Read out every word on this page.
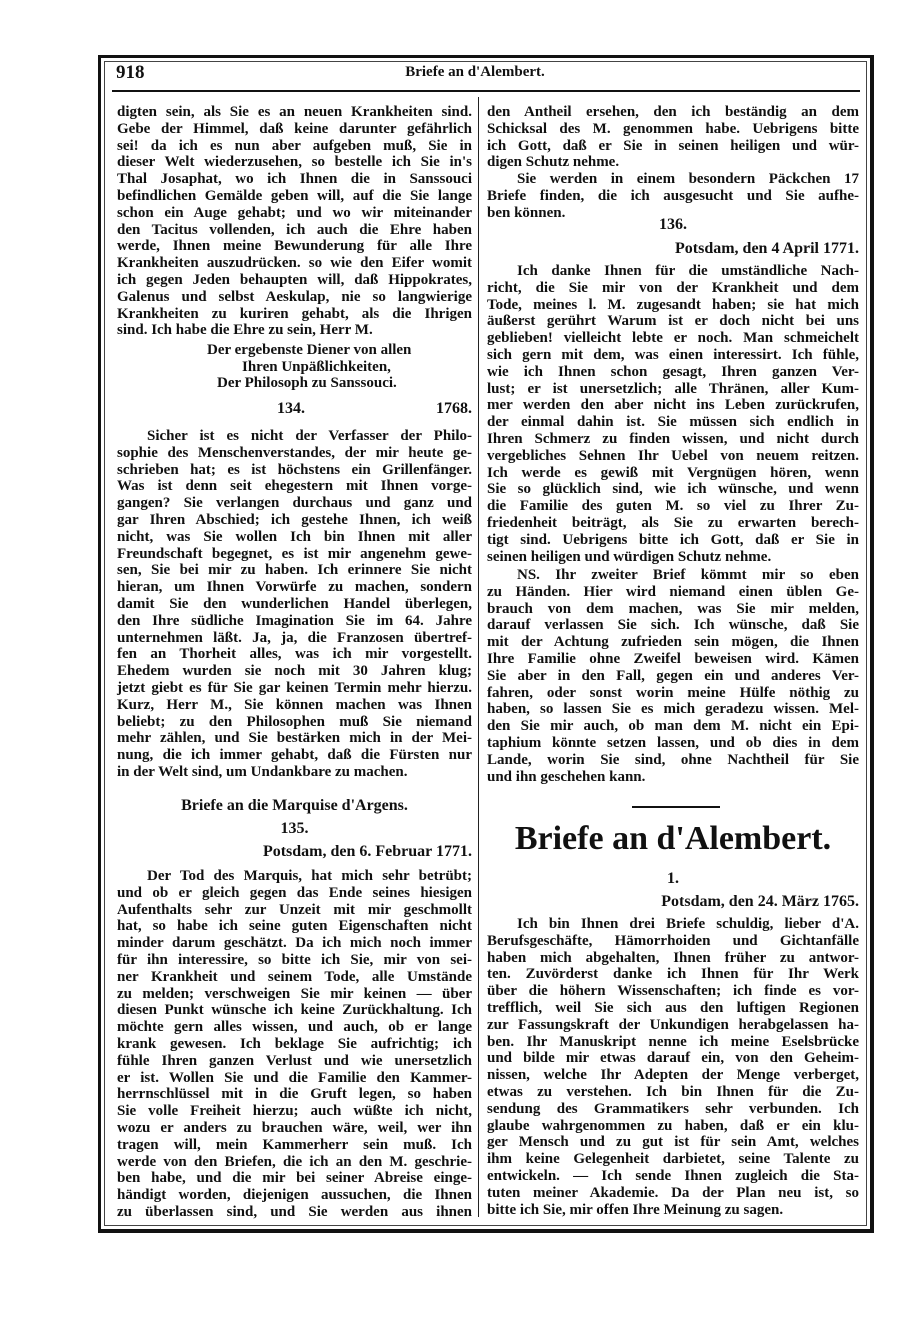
918	Briefe an d'Alembert.
digten sein, als Sie es an neuen Krankheiten sind.
Gebe der Himmel, daß keine darunter gefährlich
sei! da ich es nun aber aufgeben muß, Sie in
dieser Welt wiederzusehen, so bestelle ich Sie in's
Thal Josaphat, wo ich Ihnen die in Sanssouci
befindlichen Gemälde geben will, auf die Sie lange
schon ein Auge gehabt; und wo wir miteinander
den Tacitus vollenden, ich auch die Ehre haben
werde, Ihnen meine Bewunderung für alle Ihre
Krankheiten auszudrücken. so wie den Eifer womit
ich gegen Jeden behaupten will, daß Hippokrates,
Galenus und selbst Aeskulap, nie so langwierige
Krankheiten zu kuriren gehabt, als die Ihrigen
sind. Ich habe die Ehre zu sein, Herr M.
Der ergebenste Diener von allen
Ihren Unpäßlichkeiten,
Der Philosoph zu Sanssouci.
134.	1768.
Sicher ist es nicht der Verfasser der Philo-
sophie des Menschenverstandes, der mir heute ge-
schrieben hat; es ist höchstens ein Grillenfänger.
Was ist denn seit ehegestern mit Ihnen vorge-
gangen? Sie verlangen durchaus und ganz und
gar Ihren Abschied; ich gestehe Ihnen, ich weiß
nicht, was Sie wollen Ich bin Ihnen mit aller
Freundschaft begegnet, es ist mir angenehm gewe-
sen, Sie bei mir zu haben. Ich erinnere Sie nicht
hieran, um Ihnen Vorwürfe zu machen, sondern
damit Sie den wunderlichen Handel überlegen,
den Ihre südliche Imagination Sie im 64. Jahre
unternehmen läßt. Ja, ja, die Franzosen übertref-
fen an Thorheit alles, was ich mir vorgestellt.
Ehedem wurden sie noch mit 30 Jahren klug;
jetzt giebt es für Sie gar keinen Termin mehr hierzu.
Kurz, Herr M., Sie können machen was Ihnen
beliebt; zu den Philosophen muß Sie niemand
mehr zählen, und Sie bestärken mich in der Mei-
nung, die ich immer gehabt, daß die Fürsten nur
in der Welt sind, um Undankbare zu machen.
Briefe an die Marquise d'Argens.
135.
Potsdam, den 6. Februar 1771.
Der Tod des Marquis, hat mich sehr betrübt;
und ob er gleich gegen das Ende seines hiesigen
Aufenthalts sehr zur Unzeit mit mir geschmollt
hat, so habe ich seine guten Eigenschaften nicht
minder darum geschätzt. Da ich mich noch immer
für ihn interessire, so bitte ich Sie, mir von sei-
ner Krankheit und seinem Tode, alle Umstände
zu melden; verschweigen Sie mir keinen — über
diesen Punkt wünsche ich keine Zurückhaltung. Ich
möchte gern alles wissen, und auch, ob er lange
krank gewesen. Ich beklage Sie aufrichtig; ich
fühle Ihren ganzen Verlust und wie unersetzlich
er ist. Wollen Sie und die Familie den Kammer-
herrnschlüssel mit in die Gruft legen, so haben
Sie volle Freiheit hierzu; auch wüßte ich nicht,
wozu er anders zu brauchen wäre, weil, wer ihn
tragen will, mein Kammerherr sein muß. Ich
werde von den Briefen, die ich an den M. geschrie-
ben habe, und die mir bei seiner Abreise einge-
händigt worden, diejenigen aussuchen, die Ihnen
zu überlassen sind, und Sie werden aus ihnen
den Antheil ersehen, den ich beständig an dem
Schicksal des M. genommen habe. Uebrigens bitte
ich Gott, daß er Sie in seinen heiligen und wür-
digen Schutz nehme.
Sie werden in einem besondern Päckchen 17
Briefe finden, die ich ausgesucht und Sie aufhe-
ben können.
136.
Potsdam, den 4 April 1771.
Ich danke Ihnen für die umständliche Nach-
richt, die Sie mir von der Krankheit und dem
Tode, meines l. M. zugesandt haben; sie hat mich
äußerst gerührt Warum ist er doch nicht bei uns
geblieben! vielleicht lebte er noch. Man schmeichelt
sich gern mit dem, was einen interessirt. Ich fühle,
wie ich Ihnen schon gesagt, Ihren ganzen Ver-
lust; er ist unersetzlich; alle Thränen, aller Kum-
mer werden den aber nicht ins Leben zurückrufen,
der einmal dahin ist. Sie müssen sich endlich in
Ihren Schmerz zu finden wissen, und nicht durch
vergebliches Sehnen Ihr Uebel von neuem reitzen.
Ich werde es gewiß mit Vergnügen hören, wenn
Sie so glücklich sind, wie ich wünsche, und wenn
die Familie des guten M. so viel zu Ihrer Zu-
friedenheit beiträgt, als Sie zu erwarten berech-
tigt sind. Uebrigens bitte ich Gott, daß er Sie in
seinen heiligen und würdigen Schutz nehme.
NS. Ihr zweiter Brief kömmt mir so eben
zu Händen. Hier wird niemand einen üblen Ge-
brauch von dem machen, was Sie mir melden,
darauf verlassen Sie sich. Ich wünsche, daß Sie
mit der Achtung zufrieden sein mögen, die Ihnen
Ihre Familie ohne Zweifel beweisen wird. Kämen
Sie aber in den Fall, gegen ein und anderes Ver-
fahren, oder sonst worin meine Hülfe nöthig zu
haben, so lassen Sie es mich geradezu wissen. Mel-
den Sie mir auch, ob man dem M. nicht ein Epi-
taphium könnte setzen lassen, und ob dies in dem
Lande, worin Sie sind, ohne Nachtheil für Sie
und ihn geschehen kann.
Briefe an d'Alembert.
1.
Potsdam, den 24. März 1765.
Ich bin Ihnen drei Briefe schuldig, lieber d'A.
Berufsgeschäfte, Hämorrhoiden und Gichtanfälle
haben mich abgehalten, Ihnen früher zu antwor-
ten. Zuvörderst danke ich Ihnen für Ihr Werk
über die höhern Wissenschaften; ich finde es vor-
trefflich, weil Sie sich aus den luftigen Regionen
zur Fassungskraft der Unkundigen herabgelassen ha-
ben. Ihr Manuskript nenne ich meine Eselsbrücke
und bilde mir etwas darauf ein, von den Geheim-
nissen, welche Ihr Adepten der Menge verberget,
etwas zu verstehen. Ich bin Ihnen für die Zu-
sendung des Grammatikers sehr verbunden. Ich
glaube wahrgenommen zu haben, daß er ein klu-
ger Mensch und zu gut ist für sein Amt, welches
ihm keine Gelegenheit darbietet, seine Talente zu
entwickeln. — Ich sende Ihnen zugleich die Sta-
tuten meiner Akademie. Da der Plan neu ist, so
bitte ich Sie, mir offen Ihre Meinung zu sagen.
